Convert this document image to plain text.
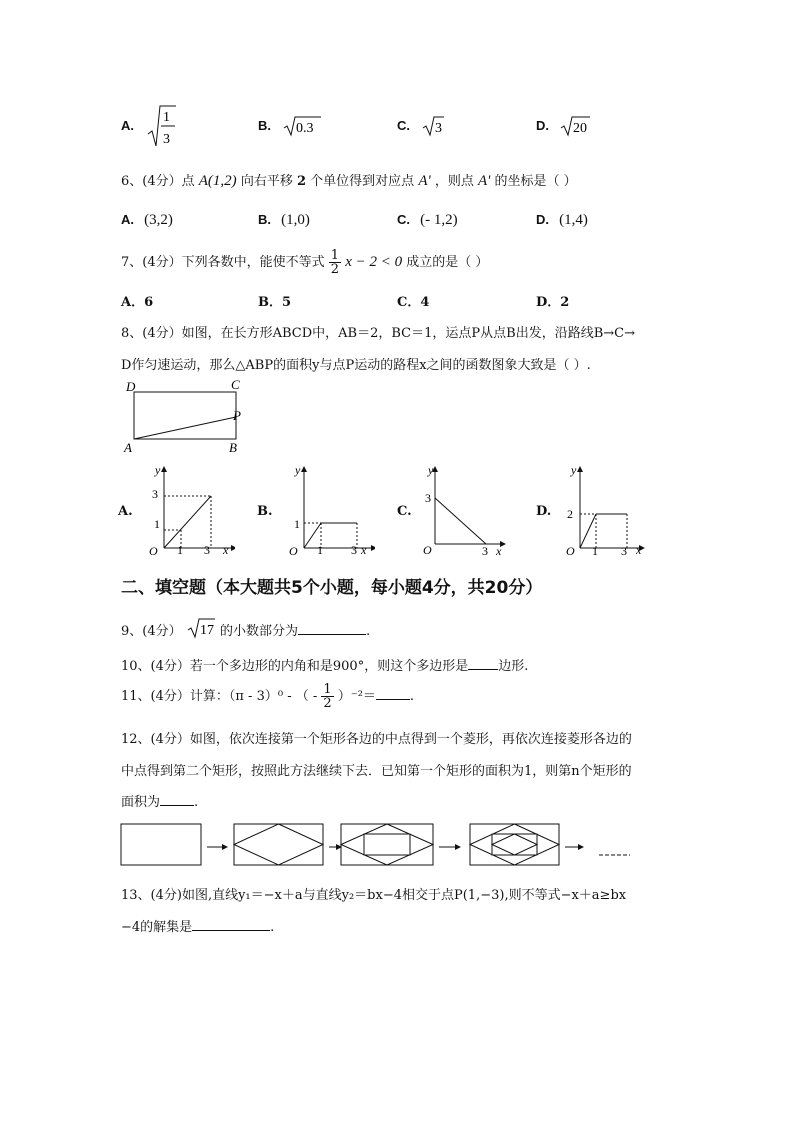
A.
1
3
B. 0.3	C. 3	D. 20
6、(4分）点 A(1,2) 向右平移 2 个单位得到对应点 A' ，则点 A' 的坐标是（ ）
A. (3,2)	B. (1,0)	C. (- 1,2)	D. (1,4)
7、(4分）下列各数中，能使不等式 $\frac{1}{2}$ x − 2 < 0 成立的是（ ）
A．6	B．5	C．4	D．2
8、(4分）如图，在长方形ABCD中，AB＝2，BC＝1，运点P从点B出发，沿路线B→C→
D作匀速运动，那么△ABP的面积y与点P运动的路程x之间的函数图象大致是（ ）.
D	C
P
A	B
A.	B.	C.	D.
y
x
O
3
1
1 3
y
x
O
1
1 3
y
x
O
3
3
y
x
O
2
1 3
二、填空题（本大题共5个小题，每小题4分，共20分）
9、(4分） 17 的小数部分为	.
10、(4分）若一个多边形的内角和是900°，则这个多边形是 边形.
11、(4分）计算：（π - 3）⁰ - （ - $\frac{1}{2} )^{-2}=$	.
12、(4分）如图，依次连接第一个矩形各边的中点得到一个菱形，再依次连接菱形各边的
中点得到第二个矩形，按照此方法继续下去．已知第一个矩形的面积为1，则第n个矩形的
面积为	.
13、(4分)如图,直线y₁＝−x＋a与直线y₂＝bx−4相交于点P(1,−3),则不等式−x＋a≥bx
−4的解集是	.
